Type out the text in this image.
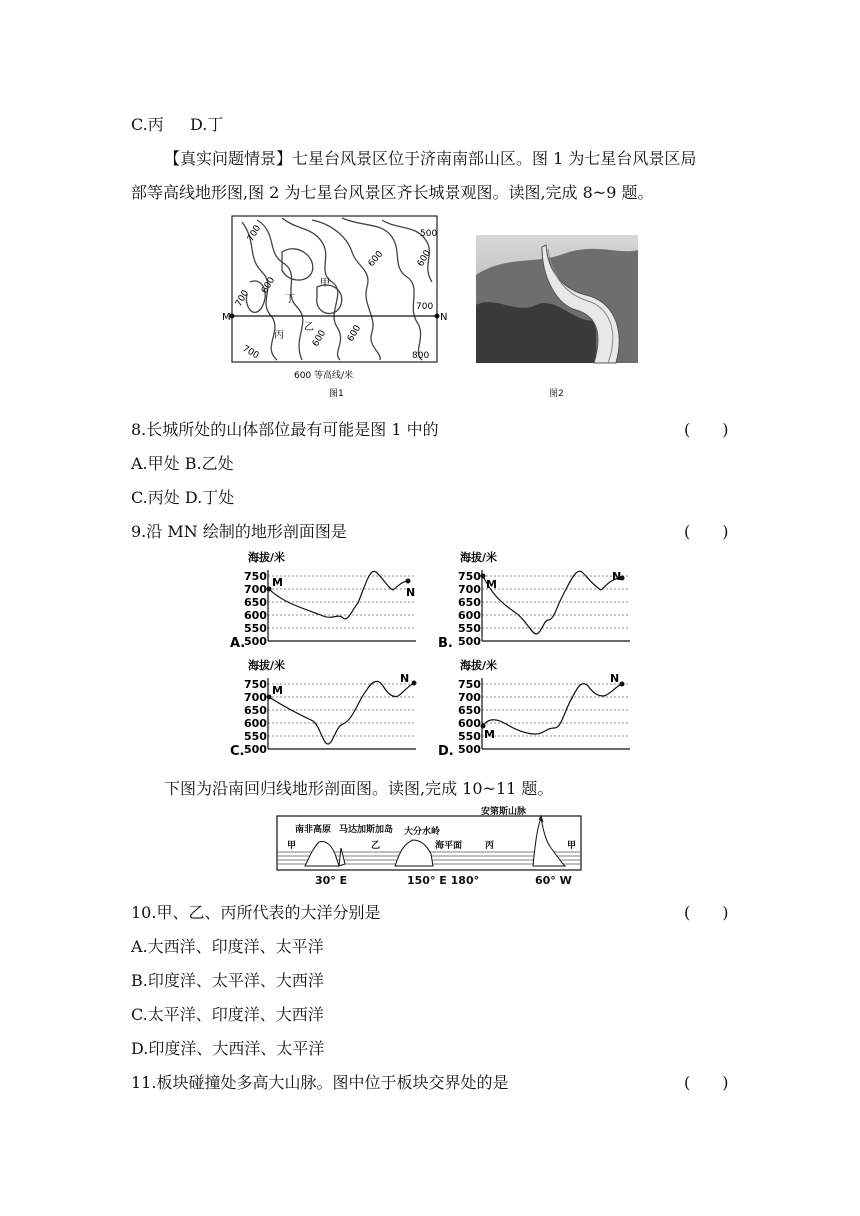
C.丙 D.丁
【真实问题情景】七星台风景区位于济南南部山区。图 1 为七星台风景区局
部等高线地形图,图 2 为七星台风景区齐长城景观图。读图,完成 8~9 题。
M	N
甲
乙
丙
丁
700	500
600	600
700
600
700
600 600
700	800
600 等高线/米
图1	图2
8.长城所处的山体部位最有可能是图 1 中的	(　　)
A.甲处 B.乙处
C.丙处 D.丁处
9.沿 MN 绘制的地形剖面图是	(　　)
海拔/米
750
700
650
600
550
500
M
N
A.
海拔/米
750
700
650
600
550
500
M
N
B.
海拔/米
750
700
650
600
550
500
M
N
C.
海拔/米
750
700
650
600
550
500
M
N
D.
下图为沿南回归线地形剖面图。读图,完成 10~11 题。
南非高原 马达加斯加岛 大分水岭
海平面
安第斯山脉
甲	乙	丙	甲
30° E	150° E 180°	60° W
10.甲、乙、丙所代表的大洋分别是	(　　)
A.大西洋、印度洋、太平洋
B.印度洋、太平洋、大西洋
C.太平洋、印度洋、大西洋
D.印度洋、大西洋、太平洋
11.板块碰撞处多高大山脉。图中位于板块交界处的是	(　　)
